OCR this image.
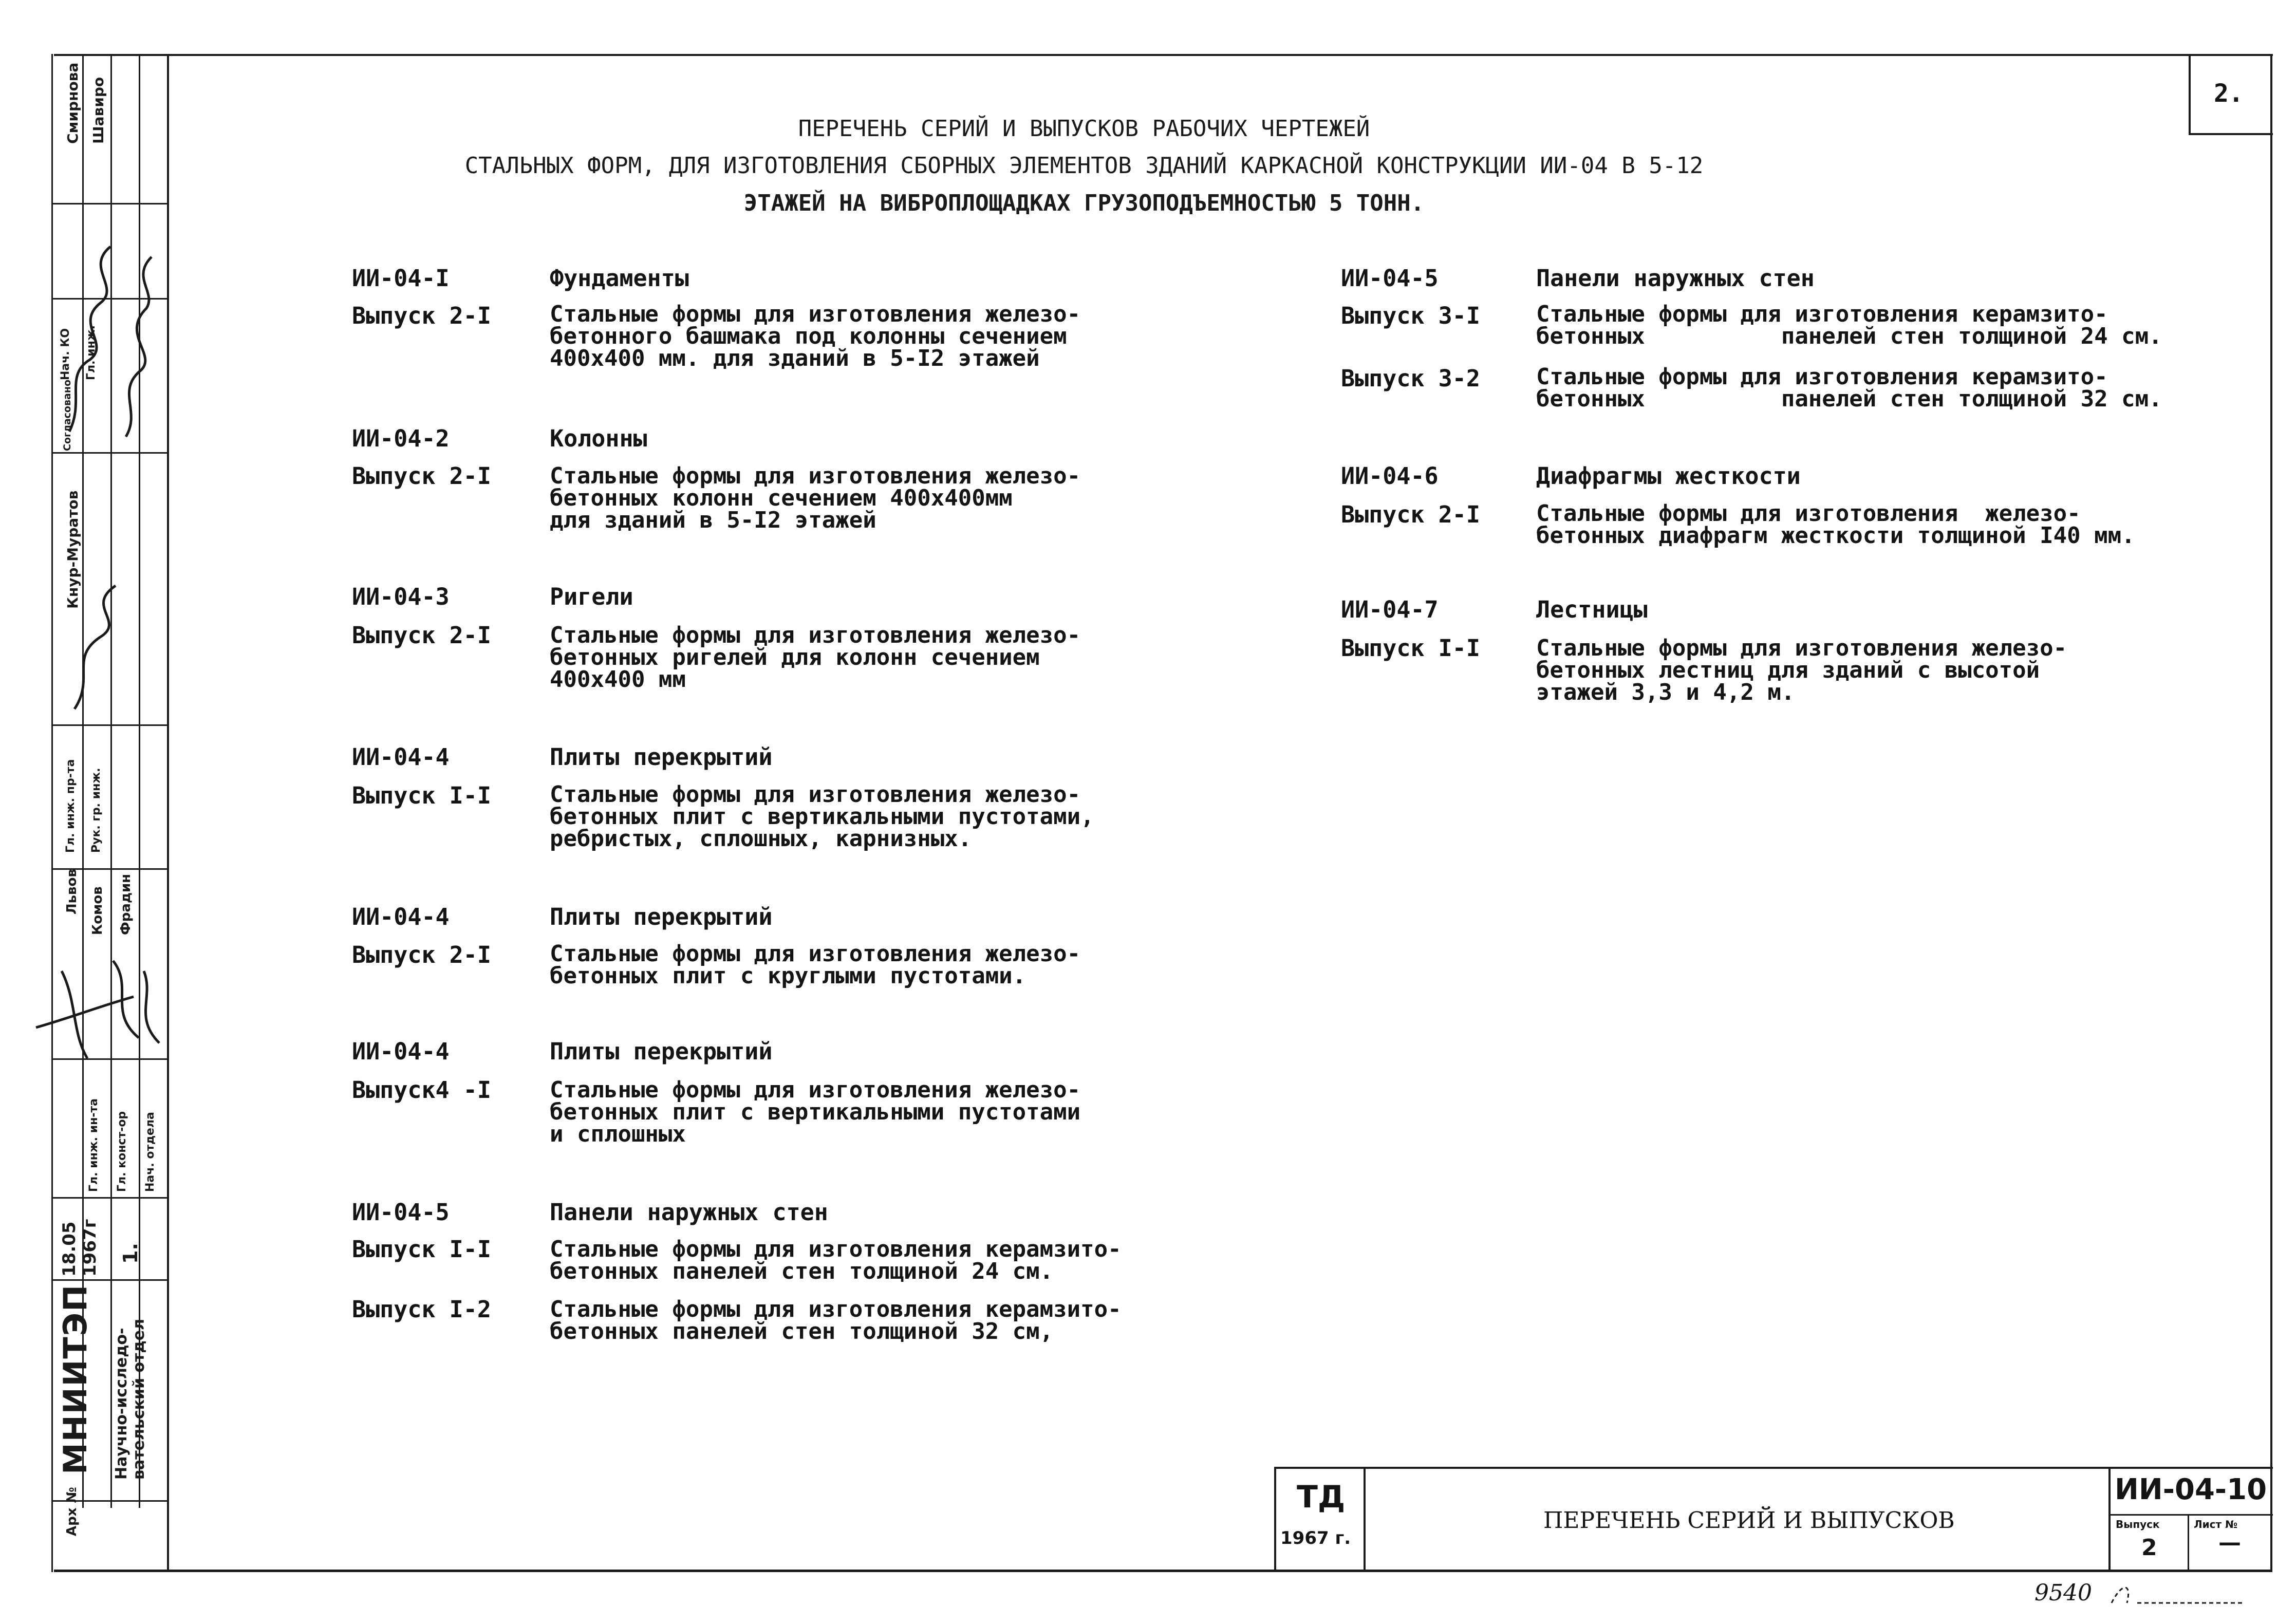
МНИИТЭП Научно-исследо-
вательский отдел
Арх №
18.05
1967г 1.
Гл. инж. ин-та Гл. конст-ор Нач. отдела
Гл. инж. пр-та Рук. гр. инж.
Согласовано
Нач. КО Гл. инж.
Смирнова Шавиро
Кнур-Муратов
Львов Комов Фрадин
2.
ПЕРЕЧЕНЬ СЕРИЙ И ВЫПУСКОВ РАБОЧИХ ЧЕРТЕЖЕЙ
СТАЛЬНЫХ ФОРМ, ДЛЯ ИЗГОТОВЛЕНИЯ СБОРНЫХ ЭЛЕМЕНТОВ ЗДАНИЙ КАРКАСНОЙ КОНСТРУКЦИИ ИИ-04 В 5-12
ЭТАЖЕЙ НА ВИБРОПЛОЩАДКАХ ГРУЗОПОДЪЕМНОСТЬЮ 5 ТОНН.
ИИ-04-I	Фундаменты
Выпуск 2-I	Стальные формы для изготовления железо-
бетонного башмака под колонны сечением
400х400 мм. для зданий в 5-I2 этажей
ИИ-04-2	Колонны
Выпуск 2-I	Стальные формы для изготовления железо-
бетонных колонн сечением 400х400мм
для зданий в 5-I2 этажей
ИИ-04-3	Ригели
Выпуск 2-I	Стальные формы для изготовления железо-
бетонных ригелей для колонн сечением
400х400 мм
ИИ-04-4	Плиты перекрытий
Выпуск I-I	Стальные формы для изготовления железо-
бетонных плит с вертикальными пустотами,
ребристых, сплошных, карнизных.
ИИ-04-4	Плиты перекрытий
Выпуск 2-I	Стальные формы для изготовления железо-
бетонных плит с круглыми пустотами.
ИИ-04-4	Плиты перекрытий
Выпуск4 -I	Стальные формы для изготовления железо-
бетонных плит с вертикальными пустотами
и сплошных
ИИ-04-5	Панели наружных стен
Выпуск I-I	Стальные формы для изготовления керамзито-
бетонных панелей стен толщиной 24 см.
Выпуск I-2	Стальные формы для изготовления керамзито-
бетонных панелей стен толщиной 32 см,
ИИ-04-5	Панели наружных стен
Выпуск 3-I Стальные формы для изготовления керамзито-
бетонных          панелей стен толщиной 24 см.
Выпуск 3-2 Стальные формы для изготовления керамзито-
бетонных          панелей стен толщиной 32 см.
ИИ-04-6	Диафрагмы жесткости
Выпуск 2-I Стальные формы для изготовления  железо-
бетонных диафрагм жесткости толщиной I40 мм.
ИИ-04-7	Лестницы
Выпуск I-I Стальные формы для изготовления железо-
бетонных лестниц для зданий с высотой
этажей 3,3 и 4,2 м.
ТД
1967 г.
ПЕРЕЧЕНЬ СЕРИЙ И ВЫПУСКОВ
ИИ-04-10
Выпуск	Лист №
2	—
9540
